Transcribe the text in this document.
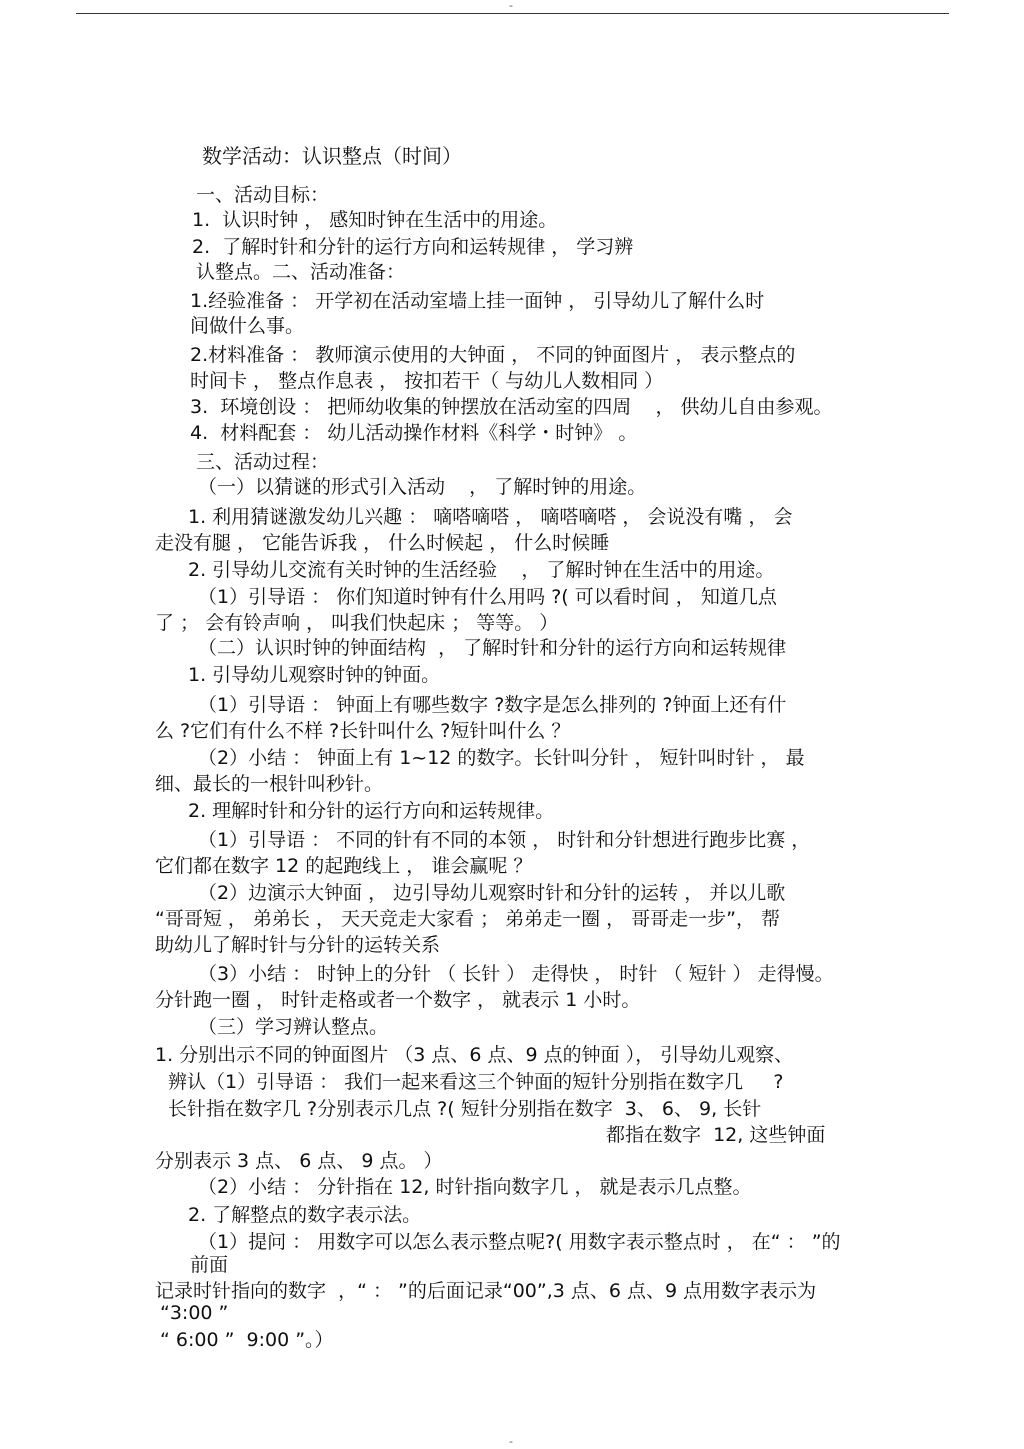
-
数学活动：认识整点（时间）
一、活动目标：
1.  认识时钟 ， 感知时钟在生活中的用途。
2.  了解时针和分针的运行方向和运转规律 ， 学习辨
认整点。二、活动准备：
1.经验准备 ： 开学初在活动室墙上挂一面钟 ， 引导幼儿了解什么时
间做什么事。
2.材料准备 ： 教师演示使用的大钟面 ， 不同的钟面图片 ， 表示整点的
时间卡 ， 整点作息表 ， 按扣若干（ 与幼儿人数相同 ）
3.  环境创设 ： 把师幼收集的钟摆放在活动室的四周    ， 供幼儿自由参观。
4.  材料配套 ： 幼儿活动操作材料《科学・时钟》 。
三、活动过程：
（一）以猜谜的形式引入活动    ， 了解时钟的用途。
1. 利用猜谜激发幼儿兴趣 ： 嘀嗒嘀嗒 ， 嘀嗒嘀嗒 ， 会说没有嘴 ， 会
走没有腿 ， 它能告诉我 ， 什么时候起 ， 什么时候睡
2. 引导幼儿交流有关时钟的生活经验    ， 了解时钟在生活中的用途。
（1）引导语 ： 你们知道时钟有什么用吗 ?( 可以看时间 ， 知道几点
了 ； 会有铃声响 ， 叫我们快起床 ； 等等。 ）
（二）认识时钟的钟面结构  ， 了解时针和分针的运行方向和运转规律
1. 引导幼儿观察时钟的钟面。
（1）引导语 ： 钟面上有哪些数字 ?数字是怎么排列的 ?钟面上还有什
么 ?它们有什么不样 ?长针叫什么 ?短针叫什么 ？
（2）小结 ： 钟面上有 1~12 的数字。长针叫分针 ， 短针叫时针 ， 最
细、最长的一根针叫秒针。
2. 理解时针和分针的运行方向和运转规律。
（1）引导语 ： 不同的针有不同的本领 ， 时针和分针想进行跑步比赛 ，
它们都在数字 12 的起跑线上 ， 谁会赢呢 ？
（2）边演示大钟面 ， 边引导幼儿观察时针和分针的运转 ， 并以儿歌
“哥哥短 ， 弟弟长 ， 天天竞走大家看 ； 弟弟走一圈 ， 哥哥走一步”， 帮
助幼儿了解时针与分针的运转关系
（3）小结 ： 时钟上的分针 （ 长针 ） 走得快 ， 时针 （ 短针 ） 走得慢。
分针跑一圈 ， 时针走格或者一个数字 ， 就表示 1 小时。
（三）学习辨认整点。
1. 分别出示不同的钟面图片 （3 点、6 点、9 点的钟面 ）， 引导幼儿观察、
辨认（1）引导语 ： 我们一起来看这三个钟面的短针分别指在数字几     ?
长针指在数字几 ?分别表示几点 ?( 短针分别指在数字  3、 6、 9, 长针
都指在数字  12, 这些钟面
分别表示 3 点、 6 点、 9 点。 ）
（2）小结 ： 分针指在 12, 时针指向数字几 ， 就是表示几点整。
2. 了解整点的数字表示法。
（1）提问 ： 用数字可以怎么表示整点呢?( 用数字表示整点时 ， 在“ ： ”的
前面
记录时针指向的数字  ，“ ： ”的后面记录“00”,3 点、6 点、9 点用数字表示为
“3:00 ”
“ 6:00 ”  9:00 ”。）
-
